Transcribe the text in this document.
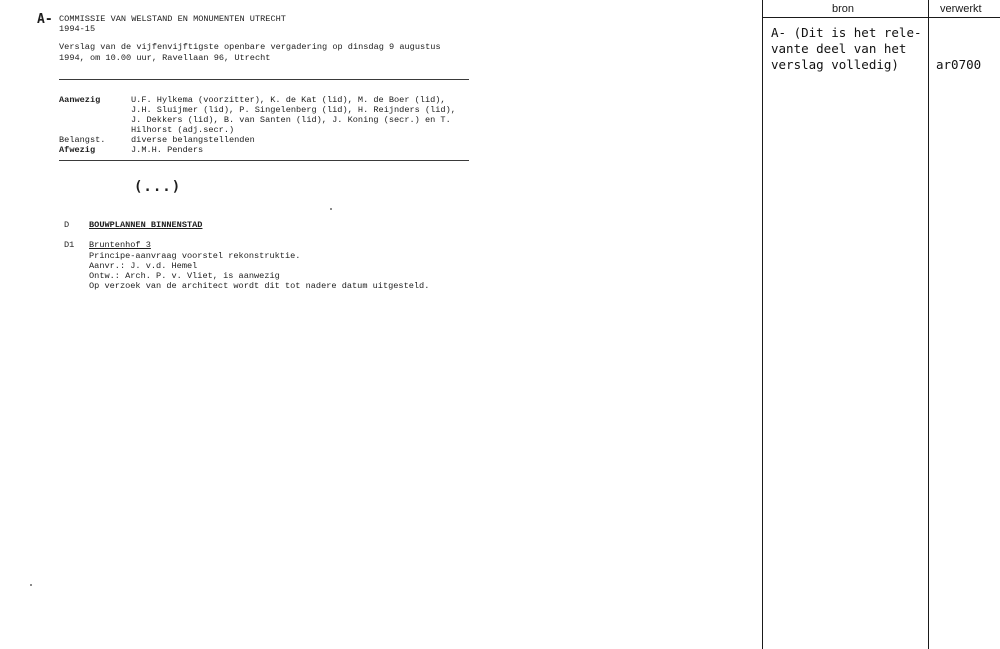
A- COMMISSIE VAN WELSTAND EN MONUMENTEN UTRECHT
1994-15
Verslag van de vijfenvijftigste openbare vergadering op dinsdag 9 augustus
1994, om 10.00 uur, Ravellaan 96, Utrecht
Aanwezig	U.F. Hylkema (voorzitter), K. de Kat (lid), M. de Boer (lid),
J.H. Sluijmer (lid), P. Singelenberg (lid), H. Reijnders (lid),
J. Dekkers (lid), B. van Santen (lid), J. Koning (secr.) en T.
Hilhorst (adj.secr.)
Belangst.	diverse belangstellenden
Afwezig	J.M.H. Penders
(...)
D BOUWPLANNEN BINNENSTAD
D1 Bruntenhof 3
Principe-aanvraag voorstel rekonstruktie.
Aanvr.: J. v.d. Hemel
Ontw.: Arch. P. v. Vliet, is aanwezig
Op verzoek van de architect wordt dit tot nadere datum uitgesteld.
bron	verwerkt
A- (Dit is het rele-
vante deel van het
verslag volledig)	ar0700
